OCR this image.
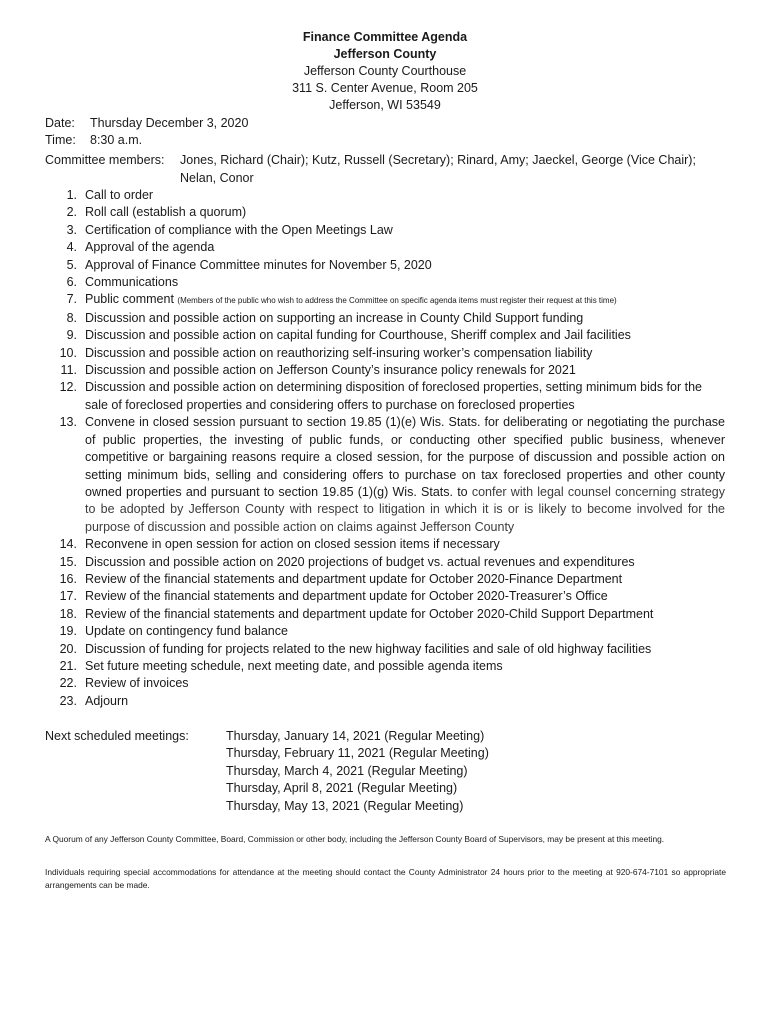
Finance Committee Agenda
Jefferson County
Jefferson County Courthouse
311 S. Center Avenue, Room 205
Jefferson, WI 53549
Date: Thursday December 3, 2020
Time: 8:30 a.m.
Committee members: Jones, Richard (Chair); Kutz, Russell (Secretary); Rinard, Amy; Jaeckel, George (Vice Chair); Nelan, Conor
1. Call to order
2. Roll call (establish a quorum)
3. Certification of compliance with the Open Meetings Law
4. Approval of the agenda
5. Approval of Finance Committee minutes for November 5, 2020
6. Communications
7. Public comment (Members of the public who wish to address the Committee on specific agenda items must register their request at this time)
8. Discussion and possible action on supporting an increase in County Child Support funding
9. Discussion and possible action on capital funding for Courthouse, Sheriff complex and Jail facilities
10. Discussion and possible action on reauthorizing self-insuring worker’s compensation liability
11. Discussion and possible action on Jefferson County’s insurance policy renewals for 2021
12. Discussion and possible action on determining disposition of foreclosed properties, setting minimum bids for the sale of foreclosed properties and considering offers to purchase on foreclosed properties
13. Convene in closed session pursuant to section 19.85 (1)(e) Wis. Stats. for deliberating or negotiating the purchase of public properties, the investing of public funds, or conducting other specified public business, whenever competitive or bargaining reasons require a closed session, for the purpose of discussion and possible action on setting minimum bids, selling and considering offers to purchase on tax foreclosed properties and other county owned properties and pursuant to section 19.85 (1)(g) Wis. Stats. to confer with legal counsel concerning strategy to be adopted by Jefferson County with respect to litigation in which it is or is likely to become involved for the purpose of discussion and possible action on claims against Jefferson County
14. Reconvene in open session for action on closed session items if necessary
15. Discussion and possible action on 2020 projections of budget vs. actual revenues and expenditures
16. Review of the financial statements and department update for October 2020-Finance Department
17. Review of the financial statements and department update for October 2020-Treasurer’s Office
18. Review of the financial statements and department update for October 2020-Child Support Department
19. Update on contingency fund balance
20. Discussion of funding for projects related to the new highway facilities and sale of old highway facilities
21. Set future meeting schedule, next meeting date, and possible agenda items
22. Review of invoices
23. Adjourn
Next scheduled meetings:	Thursday, January 14, 2021 (Regular Meeting)
Thursday, February 11, 2021 (Regular Meeting)
Thursday, March 4, 2021 (Regular Meeting)
Thursday, April 8, 2021 (Regular Meeting)
Thursday, May 13, 2021 (Regular Meeting)
A Quorum of any Jefferson County Committee, Board, Commission or other body, including the Jefferson County Board of Supervisors, may be present at this meeting.
Individuals requiring special accommodations for attendance at the meeting should contact the County Administrator 24 hours prior to the meeting at 920-674-7101 so appropriate arrangements can be made.
